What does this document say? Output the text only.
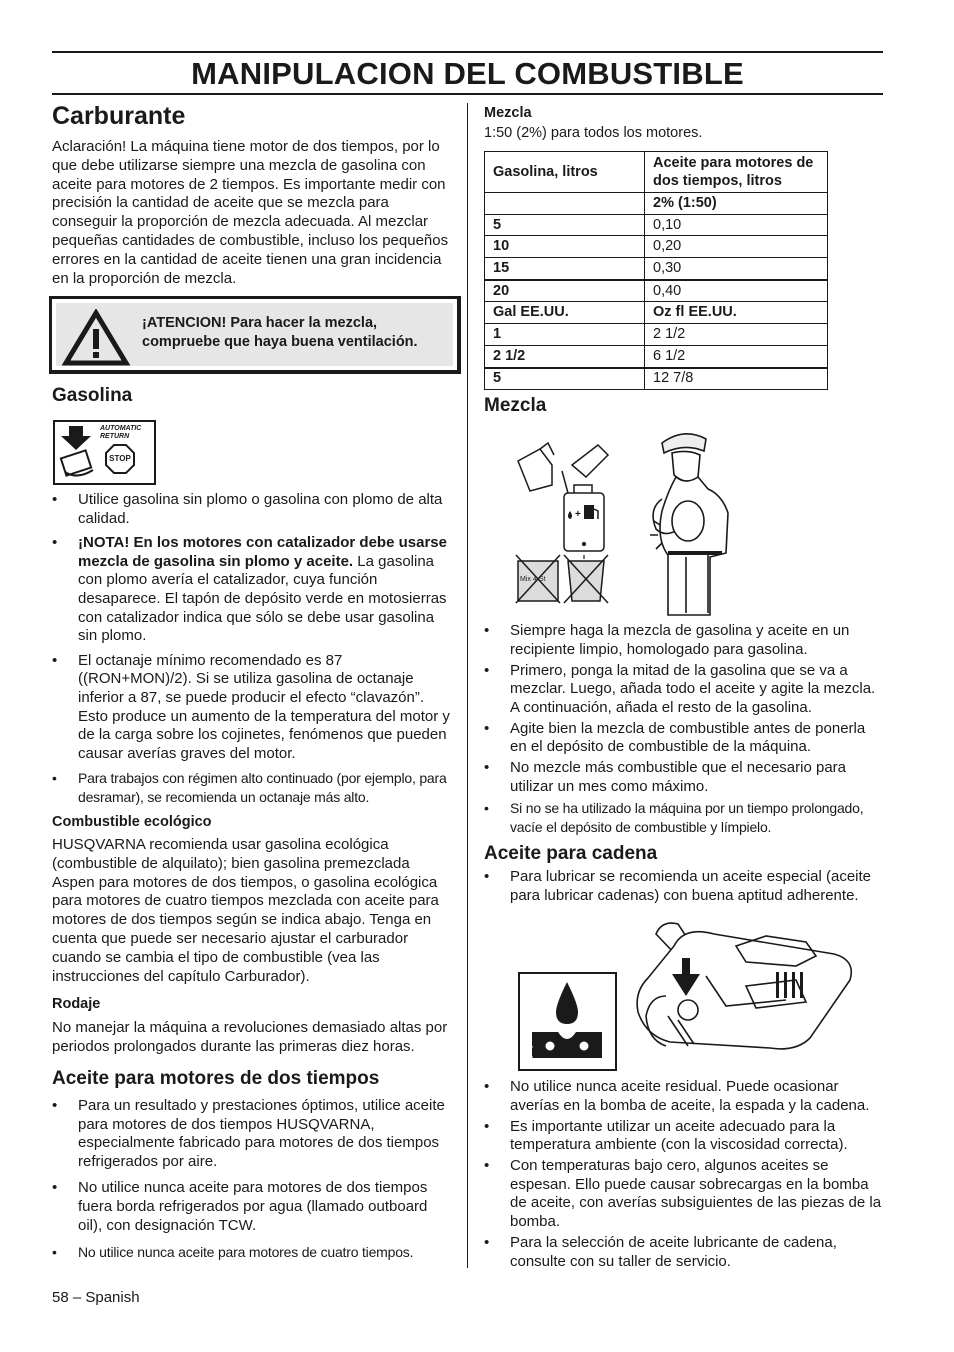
MANIPULACION DEL COMBUSTIBLE
Carburante

Aclaración! La máquina tiene motor de dos tiempos, por lo que debe utilizarse siempre una mezcla de gasolina con aceite para motores de 2 tiempos. Es importante medir con precisión la cantidad de aceite que se mezcla para conseguir la proporción de mezcla adecuada. Al mezclar pequeñas cantidades de combustible, incluso los pequeños errores en la cantidad de aceite tienen una gran incidencia en la proporción de mezcla.

¡ATENCION! Para hacer la mezcla, compruebe que haya buena ventilación.

Gasolina
AUTOMATIC
RETURN
STOP
• Utilice gasolina sin plomo o gasolina con plomo de alta calidad.
• ¡NOTA! En los motores con catalizador debe usarse mezcla de gasolina sin plomo y aceite. La gasolina con plomo avería el catalizador, cuya función desaparece. El tapón de depósito verde en motosierras con catalizador indica que sólo se debe usar gasolina sin plomo.
• El octanaje mínimo recomendado es 87 ((RON+MON)/2). Si se utiliza gasolina de octanaje inferior a 87, se puede producir el efecto “clavazón”. Esto produce un aumento de la temperatura del motor y de la carga sobre los cojinetes, fenómenos que pueden causar averías graves del motor.
• Para trabajos con régimen alto continuado (por ejemplo, para desramar), se recomienda un octanaje más alto.
Combustible ecológico

HUSQVARNA recomienda usar gasolina ecológica (combustible de alquilato); bien gasolina premezclada Aspen para motores de dos tiempos, o gasolina ecológica para motores de cuatro tiempos mezclada con aceite para motores de dos tiempos según se indica abajo. Tenga en cuenta que puede ser necesario ajustar el carburador cuando se cambia el tipo de combustible (vea las instrucciones del capítulo Carburador).

Rodaje

No manejar la máquina a revoluciones demasiado altas por periodos prolongados durante las primeras diez horas.

Aceite para motores de dos tiempos
• Para un resultado y prestaciones óptimos, utilice aceite para motores de dos tiempos HUSQVARNA, especialmente fabricado para motores de dos tiempos refrigerados por aire.
• No utilice nunca aceite para motores de dos tiempos fuera borda refrigerados por agua (llamado outboard oil), con designación TCW.
• No utilice nunca aceite para motores de cuatro tiempos.
Mezcla

1:50 (2%) para todos los motores.

Gasolina, litros	Aceite para motores de dos tiempos, litros
	2% (1:50)
5	0,10
10	0,20
15	0,30
20	0,40
Gal EE.UU.	Oz fl EE.UU.
1	2 1/2
2 1/2	6 1/2
5	12 7/8
Mezcla
+
Mix 4-St
• Siempre haga la mezcla de gasolina y aceite en un recipiente limpio, homologado para gasolina.
• Primero, ponga la mitad de la gasolina que se va a mezclar. Luego, añada todo el aceite y agite la mezcla. A continuación, añada el resto de la gasolina.
• Agite bien la mezcla de combustible antes de ponerla en el depósito de combustible de la máquina.
• No mezcle más combustible que el necesario para utilizar un mes como máximo.
• Si no se ha utilizado la máquina por un tiempo prolongado, vacíe el depósito de combustible y límpielo.
Aceite para cadena
• Para lubricar se recomienda un aceite especial (aceite para lubricar cadenas) con buena aptitud adherente.
• No utilice nunca aceite residual. Puede ocasionar averías en la bomba de aceite, la espada y la cadena.
• Es importante utilizar un aceite adecuado para la temperatura ambiente (con la viscosidad correcta).
• Con temperaturas bajo cero, algunos aceites se espesan. Ello puede causar sobrecargas en la bomba de aceite, con averías subsiguientes de las piezas de la bomba.
• Para la selección de aceite lubricante de cadena, consulte con su taller de servicio.
58 – Spanish
